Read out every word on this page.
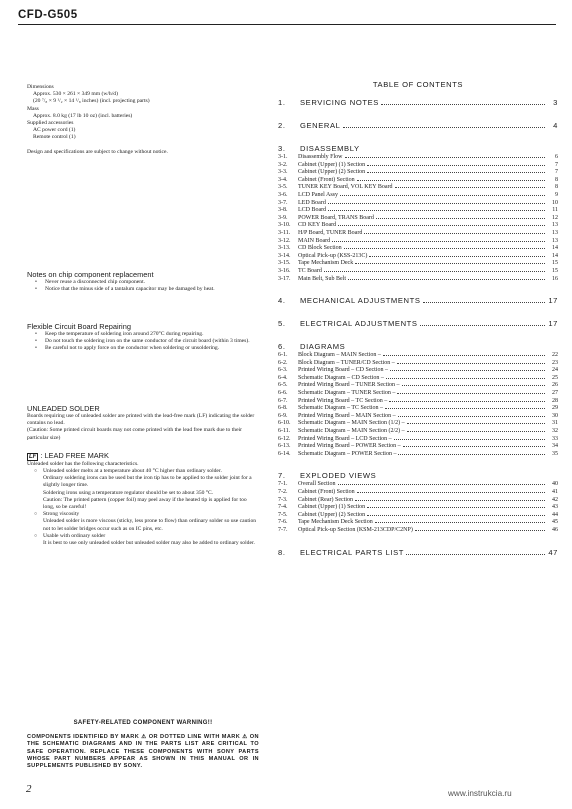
CFD-G505
Dimensions
Approx. 530 × 261 × 349 mm (w/h/d)
(20 ⁷/₈ × 9 ¹/₂ × 14 ¹/₈ inches) (incl. projecting parts)
Mass
Approx. 8.0 kg (17 lb 10 oz) (incl. batteries)
Supplied accessories
AC power cord (1)
Remote control (1)
Design and specifications are subject to change without notice.
Notes on chip component replacement
• Never reuse a disconnected chip component.
• Notice that the minus side of a tantalum capacitor may be damaged by heat.
Flexible Circuit Board Repairing
• Keep the temperature of soldering iron around 270°C during repairing.
• Do not touch the soldering iron on the same conductor of the circuit board (within 3 times).
• Be careful not to apply force on the conductor when soldering or unsoldering.
UNLEADED SOLDER
Boards requiring use of unleaded solder are printed with the lead-free mark (LF) indicating the solder contains no lead.
(Caution: Some printed circuit boards may not come printed with the lead free mark due to their particular size)
LF : LEAD FREE MARK
Unleaded solder has the following characteristics.
○ Unleaded solder melts at a temperature about 40 °C higher than ordinary solder.
Ordinary soldering irons can be used but the iron tip has to be applied to the solder joint for a slightly longer time.
Soldering irons using a temperature regulator should be set to about 350 °C.
Caution: The printed pattern (copper foil) may peel away if the heated tip is applied for too long, so be careful!
○ Strong viscosity
Unleaded solder is more viscous (sticky, less prone to flow) than ordinary solder so use caution not to let solder bridges occur such as on IC pins, etc.
○ Usable with ordinary solder
It is best to use only unleaded solder but unleaded solder may also be added to ordinary solder.
SAFETY-RELATED COMPONENT WARNING!!
COMPONENTS IDENTIFIED BY MARK ⚠ OR DOTTED LINE WITH MARK ⚠ ON THE SCHEMATIC DIAGRAMS AND IN THE PARTS LIST ARE CRITICAL TO SAFE OPERATION. REPLACE THESE COMPONENTS WITH SONY PARTS WHOSE PART NUMBERS APPEAR AS SHOWN IN THIS MANUAL OR IN SUPPLEMENTS PUBLISHED BY SONY.
TABLE OF CONTENTS
1.	SERVICING NOTES	3
2.	GENERAL	4
3.	DISASSEMBLY
3-1.	Disassembly Flow	6
3-2.	Cabinet (Upper) (1) Section	7
3-3.	Cabinet (Upper) (2) Section	7
3-4.	Cabinet (Front) Section	8
3-5.	TUNER KEY Board, VOL KEY Board	8
3-6.	LCD Panel Assy	9
3-7.	LED Board	10
3-8.	LCD Board	11
3-9.	POWER Board, TRANS Board	12
3-10.	CD KEY Board	13
3-11.	H/P Board, TUNER Board	13
3-12.	MAIN Board	13
3-13.	CD Block Section	14
3-14.	Optical Pick-up (KSS-213C)	14
3-15.	Tape Mechanism Deck	15
3-16.	TC Board	15
3-17.	Main Belt, Sub Belt	16
4.	MECHANICAL ADJUSTMENTS	17
5.	ELECTRICAL ADJUSTMENTS	17
6.	DIAGRAMS
6-1.	Block Diagram – MAIN Section –	22
6-2.	Block Diagram – TUNER/CD Section –	23
6-3.	Printed Wiring Board – CD Section –	24
6-4.	Schematic Diagram – CD Section –	25
6-5.	Printed Wiring Board – TUNER Section –	26
6-6.	Schematic Diagram – TUNER Section –	27
6-7.	Printed Wiring Board – TC Section –	28
6-8.	Schematic Diagram – TC Section –	29
6-9.	Printed Wiring Board – MAIN Section –	30
6-10.	Schematic Diagram – MAIN Section (1/2) –	31
6-11.	Schematic Diagram – MAIN Section (2/2) –	32
6-12.	Printed Wiring Board – LCD Section –	33
6-13.	Printed Wiring Board – POWER Section –	34
6-14.	Schematic Diagram – POWER Section –	35
7.	EXPLODED VIEWS
7-1.	Overall Section	40
7-2.	Cabinet (Front) Section	41
7-3.	Cabinet (Rear) Section	42
7-4.	Cabinet (Upper) (1) Section	43
7-5.	Cabinet (Upper) (2) Section	44
7-6.	Tape Mechanism Deck Section	45
7-7.	Optical Pick-up Section (KSM-213CDP/C2NP)	46
8.	ELECTRICAL PARTS LIST	47
2	www.instrukcia.ru
